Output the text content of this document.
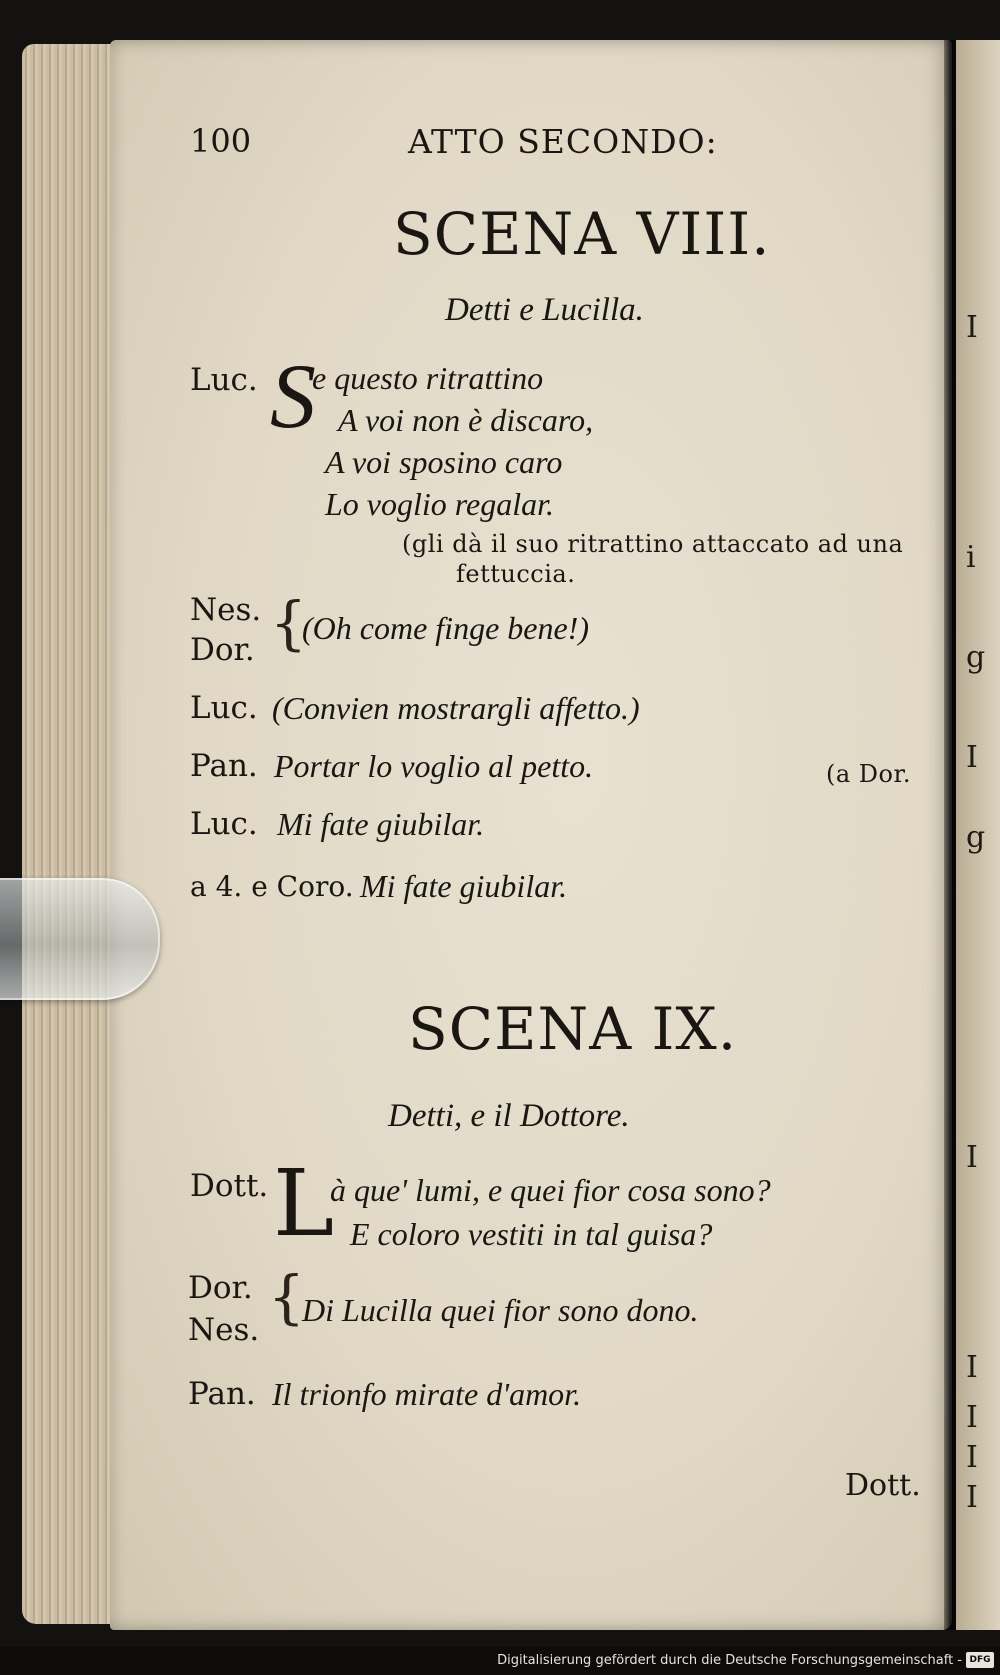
I
i
g
I
g
I
I
I
I
I
100	ATTO SECONDO:
SCENA VIII.
Detti e Lucilla.
Luc. S
e questo ritrattino
A voi non è discaro,
A voi sposino caro
Lo voglio regalar.
(gli dà il suo ritrattino attaccato ad una
fettuccia.
Nes.
Dor. {
(Oh come finge bene!)
Luc. (Convien mostrargli affetto.)
Pan. Portar lo voglio al petto.	(a Dor.
Luc. Mi fate giubilar.
a 4. e Coro. Mi fate giubilar.
SCENA IX.
Detti, e il Dottore.
Dott. L
à que' lumi, e quei fior cosa sono?
E coloro vestiti in tal guisa?
Dor.
Nes. {
Di Lucilla quei fior sono dono.
Pan. Il trionfo mirate d'amor.
Dott.
Digitalisierung gefördert durch die Deutsche Forschungsgemeinschaft - DFG
